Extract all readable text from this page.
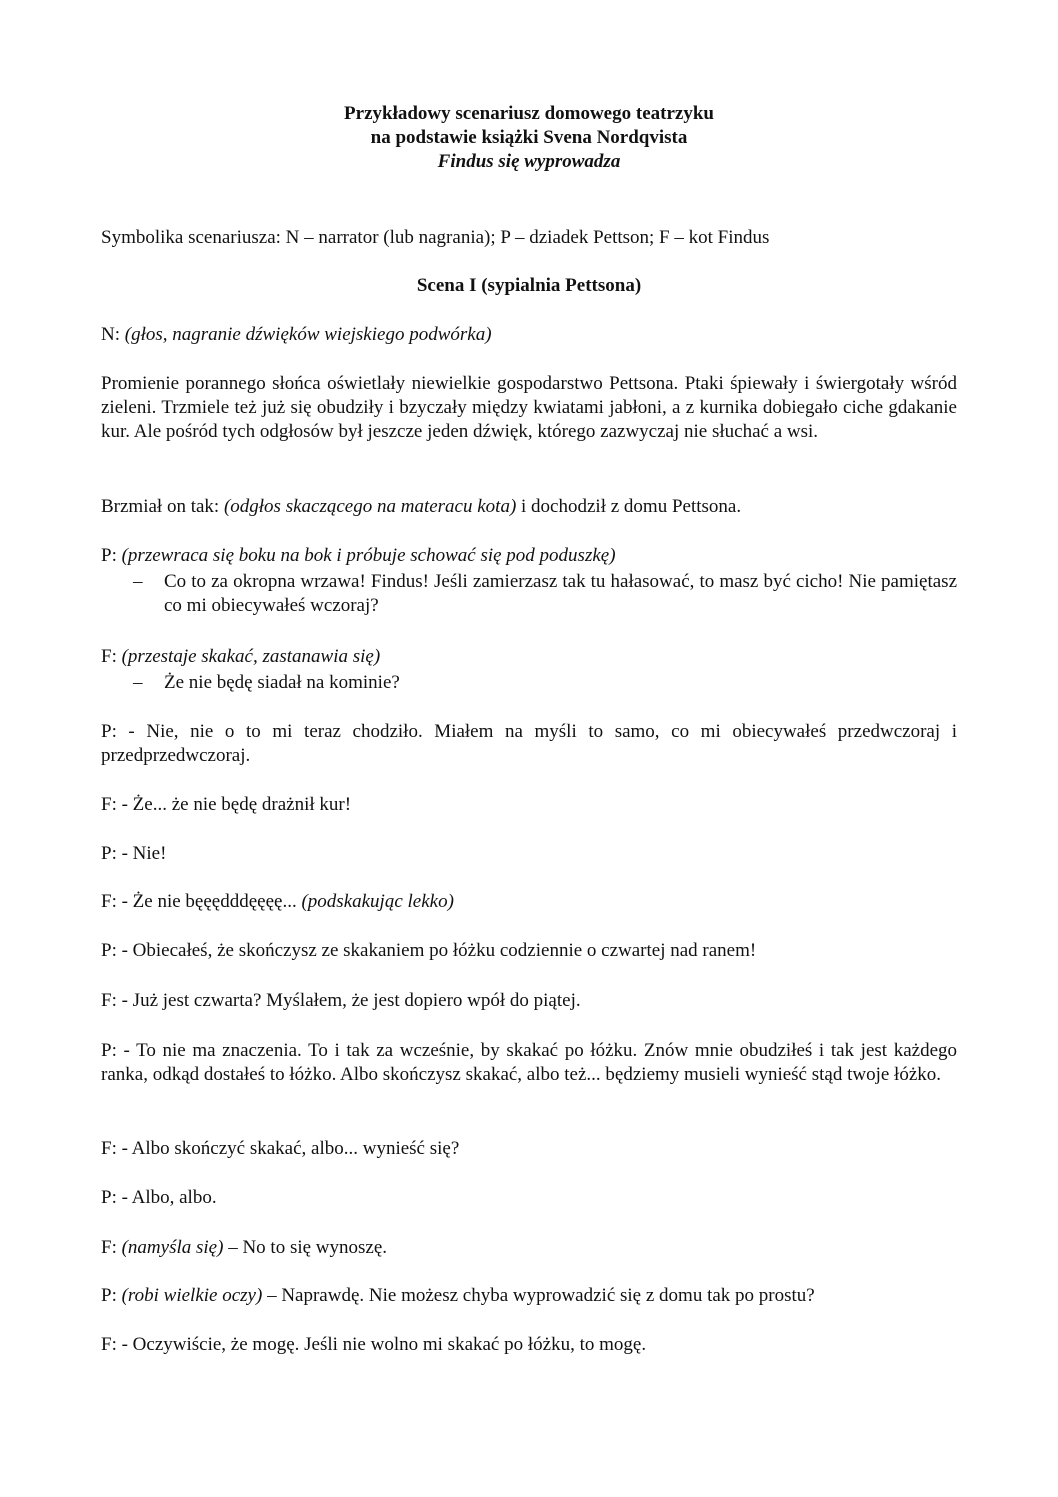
Przykładowy scenariusz domowego teatrzyku
na podstawie książki Svena Nordqvista
Findus się wyprowadza
Symbolika scenariusza: N – narrator (lub nagrania); P – dziadek Pettson; F – kot Findus
Scena I (sypialnia Pettsona)
N: (głos, nagranie dźwięków wiejskiego podwórka)
Promienie porannego słońca oświetlały niewielkie gospodarstwo Pettsona. Ptaki śpiewały i świergotały wśród zieleni. Trzmiele też już się obudziły i bzyczały między kwiatami jabłoni, a z kurnika dobiegało ciche gdakanie kur. Ale pośród tych odgłosów był jeszcze jeden dźwięk, którego zazwyczaj nie słuchać a wsi.
Brzmiał on tak: (odgłos skaczącego na materacu kota) i dochodził z domu Pettsona.
P: (przewraca się boku na bok i próbuje schować się pod poduszkę)
– Co to za okropna wrzawa! Findus! Jeśli zamierzasz tak tu hałasować, to masz być cicho! Nie pamiętasz co mi obiecywałeś wczoraj?
F: (przestaje skakać, zastanawia się)
– Że nie będę siadał na kominie?
P: - Nie, nie o to mi teraz chodziło. Miałem na myśli to samo, co mi obiecywałeś przedwczoraj i przedprzedwczoraj.
F: - Że... że nie będę drażnił kur!
P: - Nie!
F: - Że nie bęęędddęęęę... (podskakując lekko)
P: - Obiecałeś, że skończysz ze skakaniem po łóżku codziennie o czwartej nad ranem!
F: - Już jest czwarta? Myślałem, że jest dopiero wpół do piątej.
P: - To nie ma znaczenia. To i tak za wcześnie, by skakać po łóżku. Znów mnie obudziłeś i tak jest każdego ranka, odkąd dostałeś to łóżko. Albo skończysz skakać, albo też... będziemy musieli wynieść stąd twoje łóżko.
F: - Albo skończyć skakać, albo... wynieść się?
P: - Albo, albo.
F: (namyśla się) – No to się wynoszę.
P: (robi wielkie oczy) – Naprawdę. Nie możesz chyba wyprowadzić się z domu tak po prostu?
F: - Oczywiście, że mogę. Jeśli nie wolno mi skakać po łóżku, to mogę.
